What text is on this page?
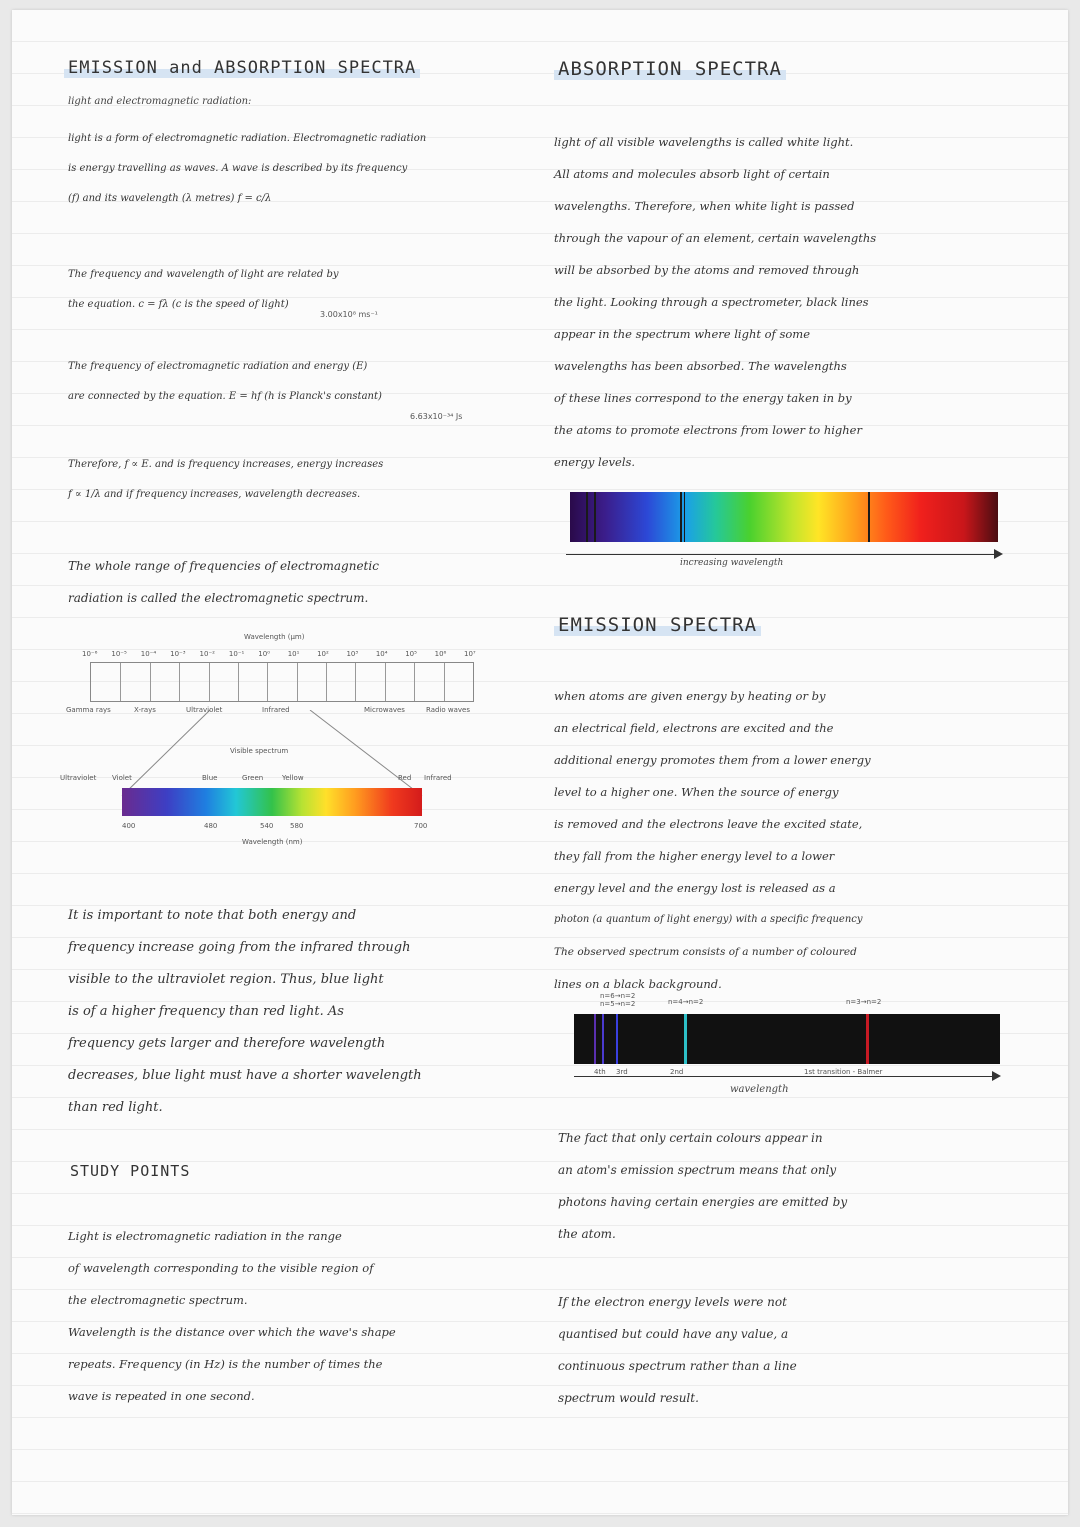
EMISSION and ABSORPTION SPECTRA
light and electromagnetic radiation:

light is a form of electromagnetic radiation. Electromagnetic radiation

is energy travelling as waves. A wave is described by its frequency

(f) and its wavelength (λ metres) f = c/λ

The frequency and wavelength of light are related by

the equation. c = fλ (c is the speed of light)

3.00x10⁸ ms⁻¹

The frequency of electromagnetic radiation and energy (E)

are connected by the equation. E = hf (h is Planck's constant)

6.63x10⁻³⁴ Js

Therefore, f ∝ E. and is frequency increases, energy increases

f ∝ 1/λ and if frequency increases, wavelength decreases.

The whole range of frequencies of electromagnetic

radiation is called the electromagnetic spectrum.

Wavelength (μm)
Visible spectrum
Wavelength (nm)

It is important to note that both energy and

frequency increase going from the infrared through

visible to the ultraviolet region. Thus, blue light

is of a higher frequency than red light. As

frequency gets larger and therefore wavelength

decreases, blue light must have a shorter wavelength

than red light.

STUDY POINTS

Light is electromagnetic radiation in the range

of wavelength corresponding to the visible region of

the electromagnetic spectrum.

Wavelength is the distance over which the wave's shape

repeats. Frequency (in Hz) is the number of times the

wave is repeated in one second.

10⁻⁶ 10⁻⁵ 10⁻⁴ 10⁻³ 10⁻² 10⁻¹ 10⁰	10¹	10²	10³	10⁴	10⁵	10⁶	10⁷
Gamma rays	X-rays	Ultraviolet	Infrared	Microwaves	Radio waves
Ultraviolet Violet	Blue	Green	Yellow	Red Infrared
400	480	540 580	700
ABSORPTION SPECTRA

light of all visible wavelengths is called white light.

All atoms and molecules absorb light of certain

wavelengths. Therefore, when white light is passed

through the vapour of an element, certain wavelengths

will be absorbed by the atoms and removed through

the light. Looking through a spectrometer, black lines

appear in the spectrum where light of some

wavelengths has been absorbed. The wavelengths

of these lines correspond to the energy taken in by

the atoms to promote electrons from lower to higher

energy levels.

increasing wavelength
EMISSION SPECTRA

when atoms are given energy by heating or by

an electrical field, electrons are excited and the

additional energy promotes them from a lower energy

level to a higher one. When the source of energy

is removed and the electrons leave the excited state,

they fall from the higher energy level to a lower

energy level and the energy lost is released as a

photon (a quantum of light energy) with a specific frequency

The observed spectrum consists of a number of coloured

lines on a black background.

n=6→n=2
n=5→n=2	n=4→n=2	n=3→n=2
4th 3rd	2nd	1st transition - Balmer
wavelength

The fact that only certain colours appear in

an atom's emission spectrum means that only

photons having certain energies are emitted by

the atom.

If the electron energy levels were not

quantised but could have any value, a

continuous spectrum rather than a line

spectrum would result.
